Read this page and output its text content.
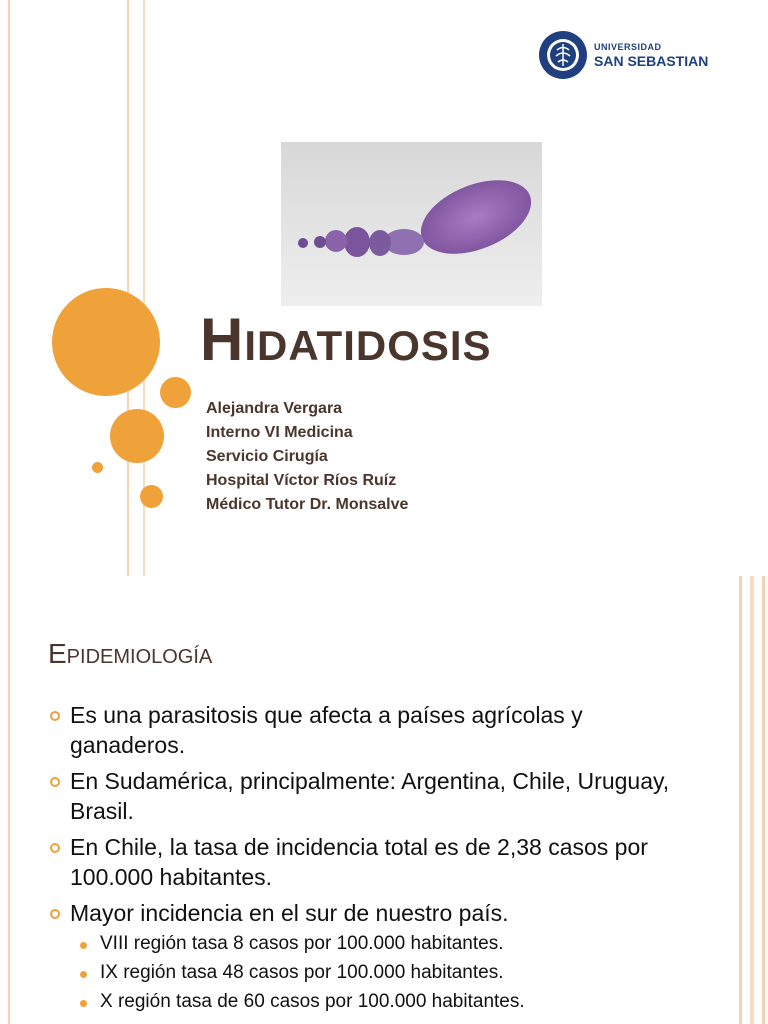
UNIVERSIDAD
SAN SEBASTIAN
Hidatidosis
Alejandra Vergara
Interno VI Medicina
Servicio Cirugía
Hospital Víctor Ríos Ruíz
Médico Tutor Dr. Monsalve
Epidemiología
Es una parasitosis que afecta a países agrícolas y ganaderos.
En Sudamérica, principalmente: Argentina, Chile, Uruguay, Brasil.
En Chile, la tasa de incidencia total es de 2,38 casos por 100.000 habitantes.
Mayor incidencia en el sur de nuestro país.
VIII región tasa 8 casos por 100.000 habitantes.
IX región tasa 48 casos por 100.000 habitantes.
X región tasa de 60 casos por 100.000 habitantes.
